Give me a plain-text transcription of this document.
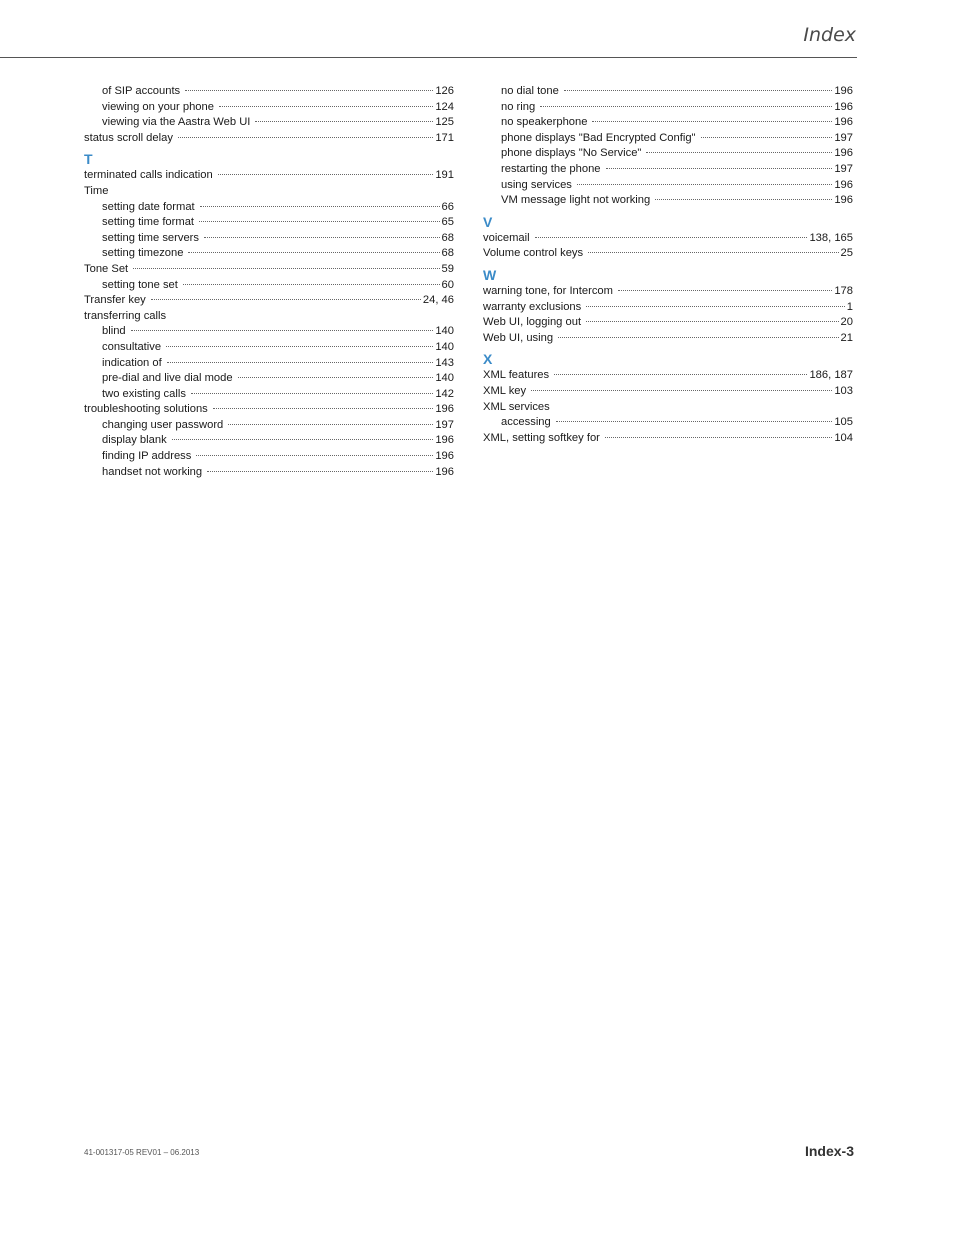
Index
of SIP accounts	126
viewing on your phone	124
viewing via the Aastra Web UI	125
status scroll delay	171
T
terminated calls indication	191
Time
setting date format	66
setting time format	65
setting time servers	68
setting timezone	68
Tone Set	59
setting tone set	60
Transfer key	24, 46
transferring calls
blind	140
consultative	140
indication of	143
pre-dial and live dial mode	140
two existing calls	142
troubleshooting solutions	196
changing user password	197
display blank	196
finding IP address	196
handset not working	196
no dial tone	196
no ring	196
no speakerphone	196
phone displays "Bad Encrypted Config"	197
phone displays "No Service"	196
restarting the phone	197
using services	196
VM message light not working	196
V
voicemail	138, 165
Volume control keys	25
W
warning tone, for Intercom	178
warranty exclusions	1
Web UI, logging out	20
Web UI, using	21
X
XML features	186, 187
XML key	103
XML services
accessing	105
XML, setting softkey for	104
41-001317-05 REV01 – 06.2013	Index-3
